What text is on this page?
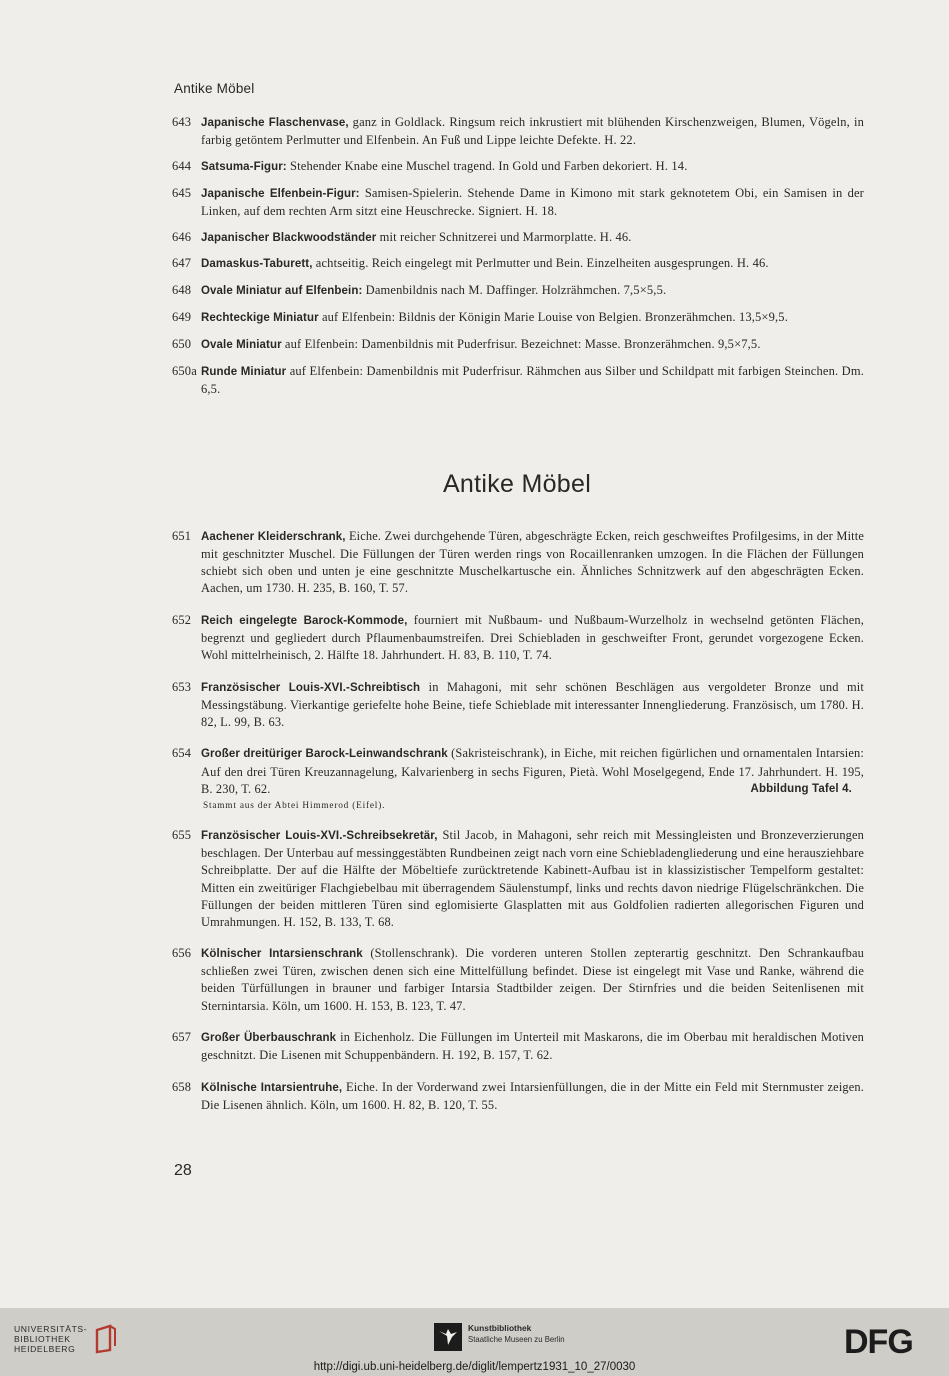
Antike Möbel
643 Japanische Flaschenvase, ganz in Goldlack. Ringsum reich inkrustiert mit blühenden Kirschenzweigen, Blumen, Vögeln, in farbig getöntem Perlmutter und Elfenbein. An Fuß und Lippe leichte Defekte. H. 22.
644 Satsuma-Figur: Stehender Knabe eine Muschel tragend. In Gold und Farben dekoriert. H. 14.
645 Japanische Elfenbein-Figur: Samisen-Spielerin. Stehende Dame in Kimono mit stark geknotetem Obi, ein Samisen in der Linken, auf dem rechten Arm sitzt eine Heuschrecke. Signiert. H. 18.
646 Japanischer Blackwoodständer mit reicher Schnitzerei und Marmorplatte. H. 46.
647 Damaskus-Taburett, achtseitig. Reich eingelegt mit Perlmutter und Bein. Einzelheiten ausgesprungen. H. 46.
648 Ovale Miniatur auf Elfenbein: Damenbildnis nach M. Daffinger. Holzrähmchen. 7,5×5,5.
649 Rechteckige Miniatur auf Elfenbein: Bildnis der Königin Marie Louise von Belgien. Bronzerähmchen. 13,5×9,5.
650 Ovale Miniatur auf Elfenbein: Damenbildnis mit Puderfrisur. Bezeichnet: Masse. Bronzerähmchen. 9,5×7,5.
650a Runde Miniatur auf Elfenbein: Damenbildnis mit Puderfrisur. Rähmchen aus Silber und Schildpatt mit farbigen Steinchen. Dm. 6,5.
Antike Möbel
651 Aachener Kleiderschrank, Eiche. Zwei durchgehende Türen, abgeschrägte Ecken, reich geschweiftes Profilgesims, in der Mitte mit geschnitzter Muschel. Die Füllungen der Türen werden rings von Rocaillenranken umzogen. In die Flächen der Füllungen schiebt sich oben und unten je eine geschnitzte Muschelkartusche ein. Ähnliches Schnitzwerk auf den abgeschrägten Ecken. Aachen, um 1730. H. 235, B. 160, T. 57.
652 Reich eingelegte Barock-Kommode, fourniert mit Nußbaum- und Nußbaum-Wurzelholz in wechselnd getönten Flächen, begrenzt und gegliedert durch Pflaumenbaumstreifen. Drei Schiebladen in geschweifter Front, gerundet vorgezogene Ecken. Wohl mittelrheinisch, 2. Hälfte 18. Jahrhundert. H. 83, B. 110, T. 74.
653 Französischer Louis-XVI.-Schreibtisch in Mahagoni, mit sehr schönen Beschlägen aus vergoldeter Bronze und mit Messingstäbung. Vierkantige geriefelte hohe Beine, tiefe Schieblade mit interessanter Innengliederung. Französisch, um 1780. H. 82, L. 99, B. 63.
654 Großer dreitüriger Barock-Leinwandschrank (Sakristeischrank), in Eiche, mit reichen figürlichen und ornamentalen Intarsien: Auf den drei Türen Kreuzannagelung, Kalvarienberg in sechs Figuren, Pietà. Wohl Moselgegend, Ende 17. Jahrhundert. H. 195, B. 230, T. 62.	Abbildung Tafel 4.
Stammt aus der Abtei Himmerod (Eifel).
655 Französischer Louis-XVI.-Schreibsekretär, Stil Jacob, in Mahagoni, sehr reich mit Messingleisten und Bronzeverzierungen beschlagen. Der Unterbau auf messinggestäbten Rundbeinen zeigt nach vorn eine Schiebladengliederung und eine herausziehbare Schreibplatte. Der auf die Hälfte der Möbeltiefe zurücktretende Kabinett-Aufbau ist in klassizistischer Tempelform gestaltet: Mitten ein zweitüriger Flachgiebelbau mit überragendem Säulenstumpf, links und rechts davon niedrige Flügelschränkchen. Die Füllungen der beiden mittleren Türen sind eglomisierte Glasplatten mit aus Goldfolien radierten allegorischen Figuren und Umrahmungen. H. 152, B. 133, T. 68.
656 Kölnischer Intarsienschrank (Stollenschrank). Die vorderen unteren Stollen zepterartig geschnitzt. Den Schrankaufbau schließen zwei Türen, zwischen denen sich eine Mittelfüllung befindet. Diese ist eingelegt mit Vase und Ranke, während die beiden Türfüllungen in brauner und farbiger Intarsia Stadtbilder zeigen. Der Stirnfries und die beiden Seitenlisenen mit Sternintarsia. Köln, um 1600. H. 153, B. 123, T. 47.
657 Großer Überbauschrank in Eichenholz. Die Füllungen im Unterteil mit Maskarons, die im Oberbau mit heraldischen Motiven geschnitzt. Die Lisenen mit Schuppenbändern. H. 192, B. 157, T. 62.
658 Kölnische Intarsientruhe, Eiche. In der Vorderwand zwei Intarsienfüllungen, die in der Mitte ein Feld mit Sternmuster zeigen. Die Lisenen ähnlich. Köln, um 1600. H. 82, B. 120, T. 55.
28
UNIVERSITÄTS-
BIBLIOTHEK
HEIDELBERG
Kunstbibliothek
Staatliche Museen zu Berlin	DFG
http://digi.ub.uni-heidelberg.de/diglit/lempertz1931_10_27/0030
